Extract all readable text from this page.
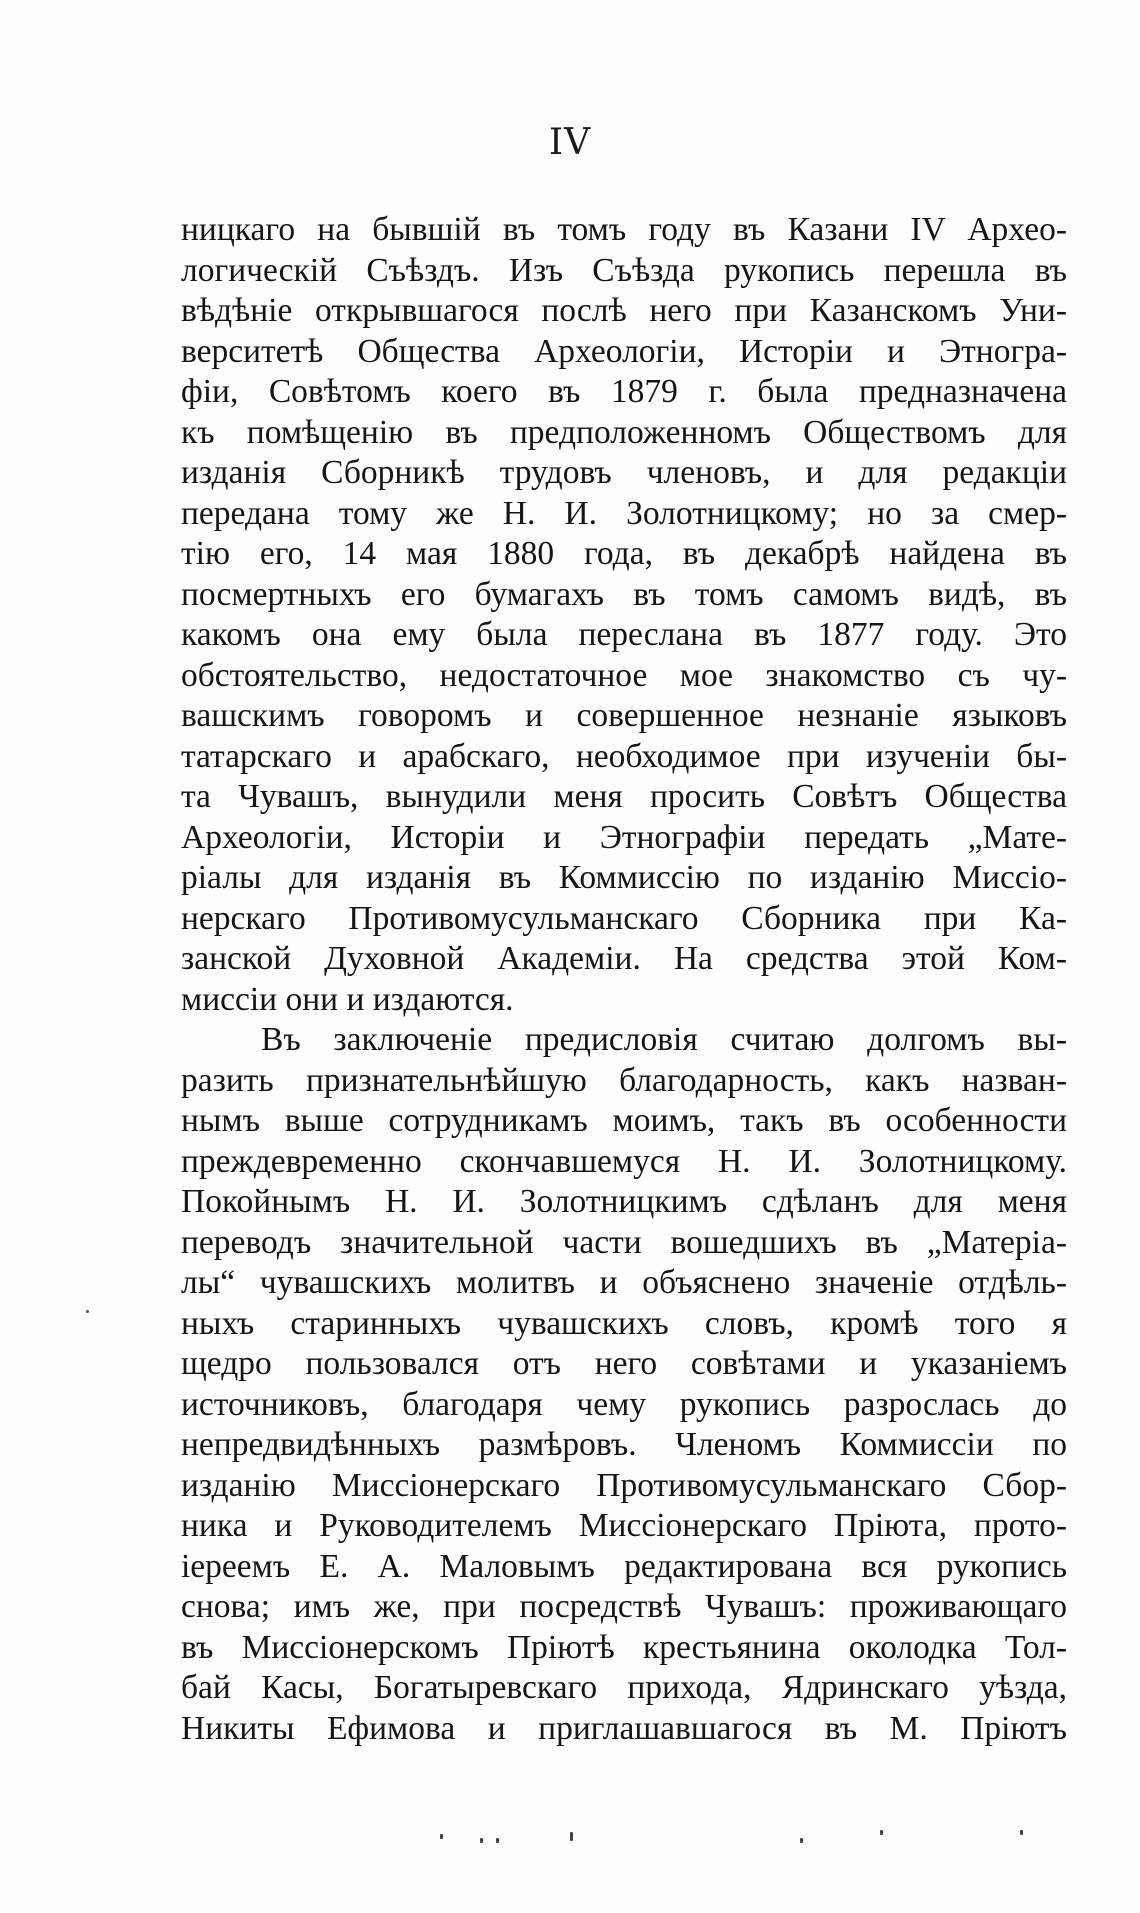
IV
ницкаго на бывшій въ томъ году въ Казани IV Архео-
логическій Съѣздъ. Изъ Съѣзда рукопись перешла въ
вѣдѣніе открывшагося послѣ него при Казанскомъ Уни-
верситетѣ Общества Археологіи, Исторіи и Этногра-
фіи, Совѣтомъ коего въ 1879 г. была предназначена
къ помѣщенію въ предположенномъ Обществомъ для
изданія Сборникѣ трудовъ членовъ, и для редакціи
передана тому же Н. И. Золотницкому; но за смер-
тію его, 14 мая 1880 года, въ декабрѣ найдена въ
посмертныхъ его бумагахъ въ томъ самомъ видѣ, въ
какомъ она ему была переслана въ 1877 году. Это
обстоятельство, недостаточное мое знакомство съ чу-
вашскимъ говоромъ и совершенное незнаніе языковъ
татарскаго и арабскаго, необходимое при изученіи бы-
та Чувашъ, вынудили меня просить Совѣтъ Общества
Археологіи, Исторіи и Этнографіи передать „Мате-
ріалы для изданія въ Коммиссію по изданію Миссіо-
нерскаго Противомусульманскаго Сборника при Ка-
занской Духовной Академіи. На средства этой Ком-
миссіи они и издаются.
Въ заключеніе предисловія считаю долгомъ вы-
разить признательнѣйшую благодарность, какъ назван-
нымъ выше сотрудникамъ моимъ, такъ въ особенности
преждевременно скончавшемуся Н. И. Золотницкому.
Покойнымъ Н. И. Золотницкимъ сдѣланъ для меня
переводъ значительной части вошедшихъ въ „Матеріа-
лы“ чувашскихъ молитвъ и объяснено значеніе отдѣль-
ныхъ старинныхъ чувашскихъ словъ, кромѣ того я
щедро пользовался отъ него совѣтами и указаніемъ
источниковъ, благодаря чему рукопись разрослась до
непредвидѣнныхъ размѣровъ. Членомъ Коммиссіи по
изданію Миссіонерскаго Противомусульманскаго Сбор-
ника и Руководителемъ Миссіонерскаго Пріюта, прото-
іереемъ Е. А. Маловымъ редактирована вся рукопись
снова; имъ же, при посредствѣ Чувашъ: проживающаго
въ Миссіонерскомъ Пріютѣ крестьянина околодка Тол-
бай Касы, Богатыревскаго прихода, Ядринскаго уѣзда,
Никиты Ефимова и приглашавшагося въ М. Пріютъ
